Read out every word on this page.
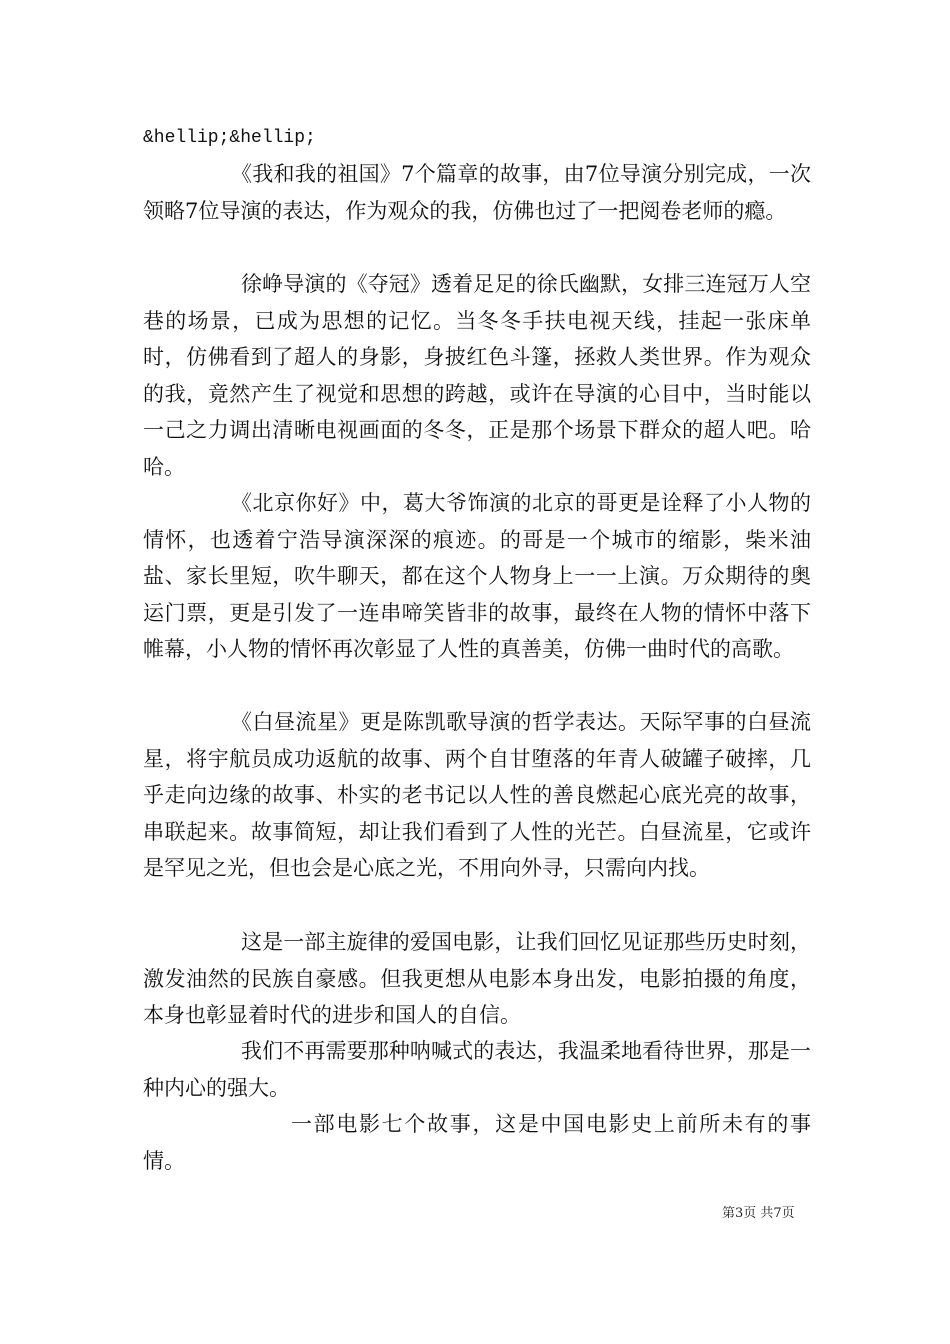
&hellip;&hellip;

《我和我的祖国》7个篇章的故事，由7位导演分别完成，一次领略7位导演的表达，作为观众的我，仿佛也过了一把阅卷老师的瘾。

徐峥导演的《夺冠》透着足足的徐氏幽默，女排三连冠万人空巷的场景，已成为思想的记忆。当冬冬手扶电视天线，挂起一张床单时，仿佛看到了超人的身影，身披红色斗篷，拯救人类世界。作为观众的我，竟然产生了视觉和思想的跨越，或许在导演的心目中，当时能以一己之力调出清晰电视画面的冬冬，正是那个场景下群众的超人吧。哈哈。

《北京你好》中，葛大爷饰演的北京的哥更是诠释了小人物的情怀，也透着宁浩导演深深的痕迹。的哥是一个城市的缩影，柴米油盐、家长里短，吹牛聊天，都在这个人物身上一一上演。万众期待的奥运门票，更是引发了一连串啼笑皆非的故事，最终在人物的情怀中落下帷幕，小人物的情怀再次彰显了人性的真善美，仿佛一曲时代的高歌。

《白昼流星》更是陈凯歌导演的哲学表达。天际罕事的白昼流星，将宇航员成功返航的故事、两个自甘堕落的年青人破罐子破摔，几乎走向边缘的故事、朴实的老书记以人性的善良燃起心底光亮的故事，串联起来。故事简短，却让我们看到了人性的光芒。白昼流星，它或许是罕见之光，但也会是心底之光，不用向外寻，只需向内找。

这是一部主旋律的爱国电影，让我们回忆见证那些历史时刻，激发油然的民族自豪感。但我更想从电影本身出发，电影拍摄的角度，本身也彰显着时代的进步和国人的自信。

我们不再需要那种呐喊式的表达，我温柔地看待世界，那是一种内心的强大。

一部电影七个故事，这是中国电影史上前所未有的事情。

第3页 共7页
